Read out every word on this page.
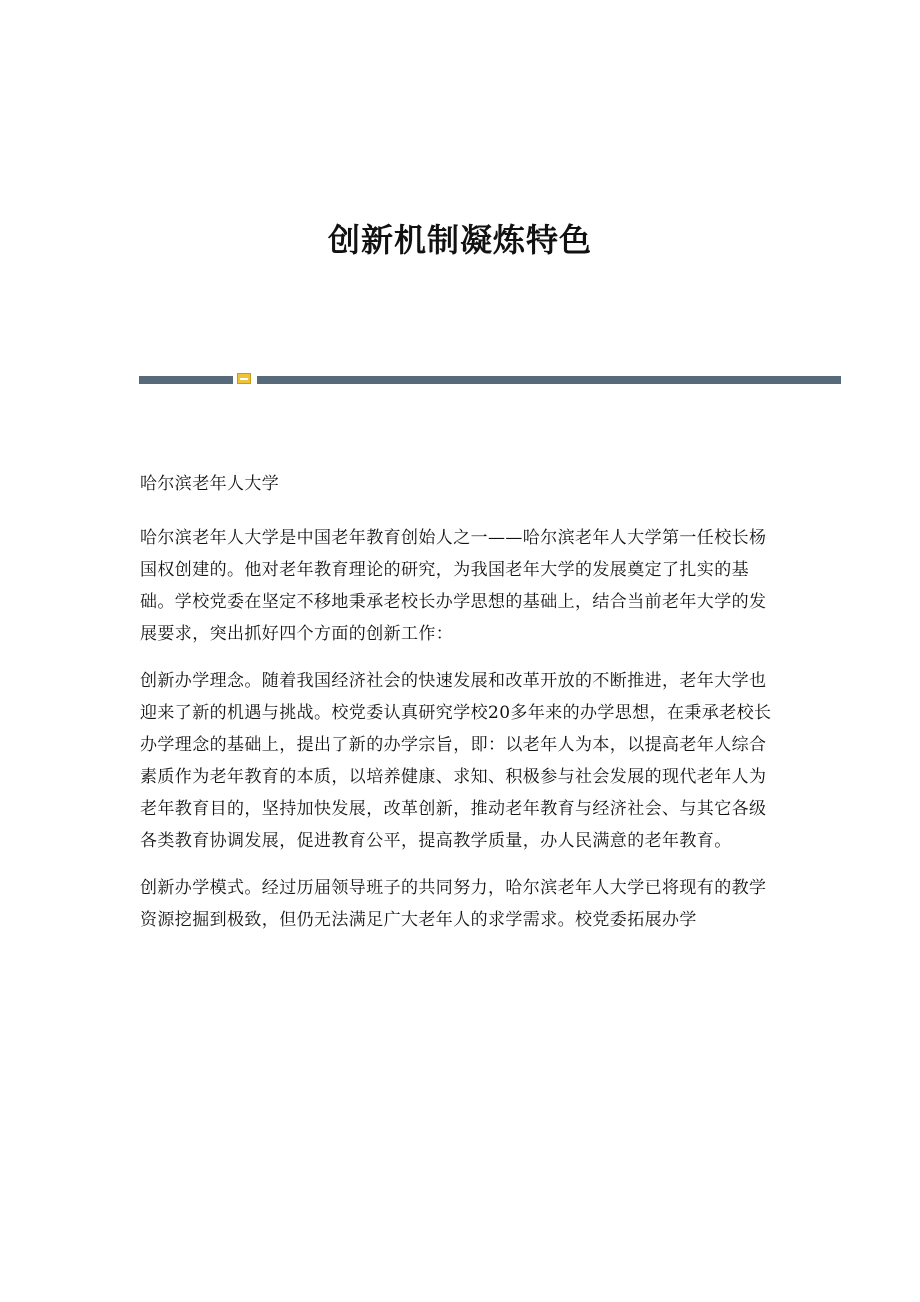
创新机制凝炼特色

哈尔滨老年人大学

哈尔滨老年人大学是中国老年教育创始人之一——哈尔滨老年人大学第一任校长杨国权创建的。他对老年教育理论的研究，为我国老年大学的发展奠定了扎实的基础。学校党委在坚定不移地秉承老校长办学思想的基础上，结合当前老年大学的发展要求，突出抓好四个方面的创新工作：

创新办学理念。随着我国经济社会的快速发展和改革开放的不断推进，老年大学也迎来了新的机遇与挑战。校党委认真研究学校20多年来的办学思想，在秉承老校长办学理念的基础上，提出了新的办学宗旨，即：以老年人为本，以提高老年人综合素质作为老年教育的本质，以培养健康、求知、积极参与社会发展的现代老年人为老年教育目的，坚持加快发展，改革创新，推动老年教育与经济社会、与其它各级各类教育协调发展，促进教育公平，提高教学质量，办人民满意的老年教育。

创新办学模式。经过历届领导班子的共同努力，哈尔滨老年人大学已将现有的教学资源挖掘到极致，但仍无法满足广大老年人的求学需求。校党委拓展办学
